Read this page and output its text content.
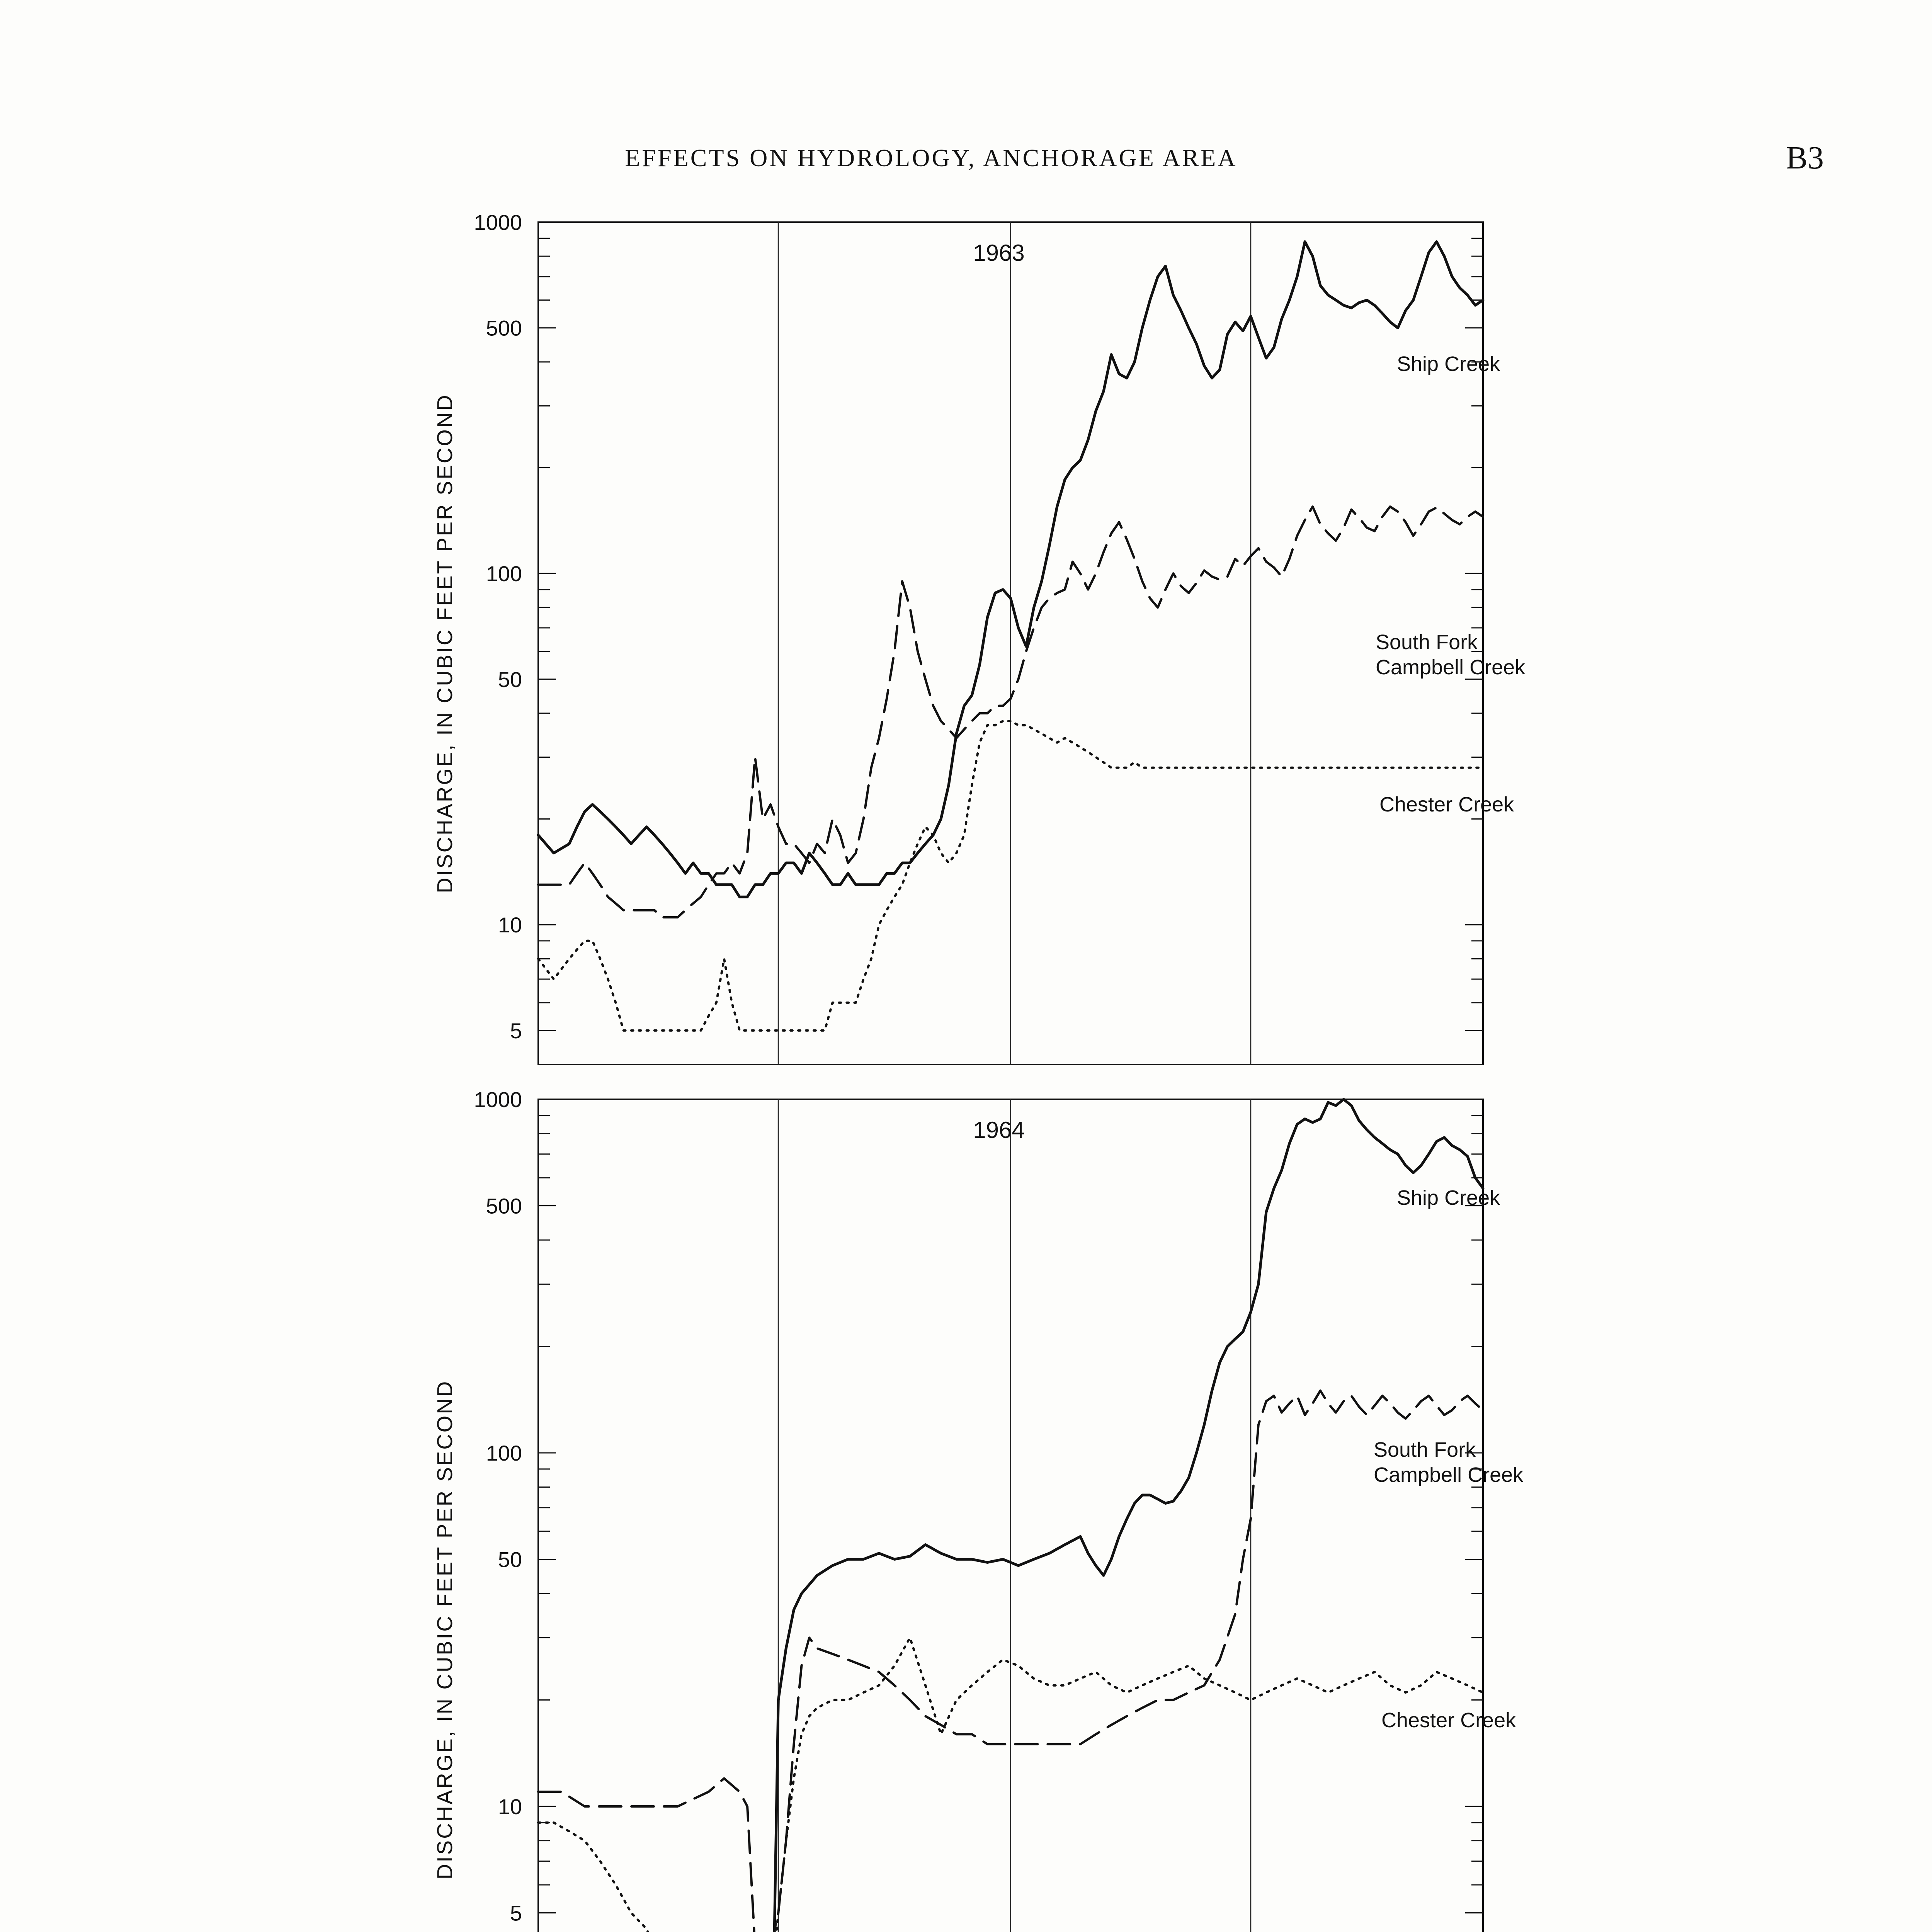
EFFECTS ON HYDROLOGY, ANCHORAGE AREA	B3
5
10
50
100
500
1000
DISCHARGE, IN CUBIC FEET PER SECOND
1963
Ship Creek
South Fork
Campbell Creek
Chester Creek
5
10
50
100
500
1000
DISCHARGE, IN CUBIC FEET PER SECOND
1964
Ship Creek
South Fork
Campbell Creek
Chester Creek
